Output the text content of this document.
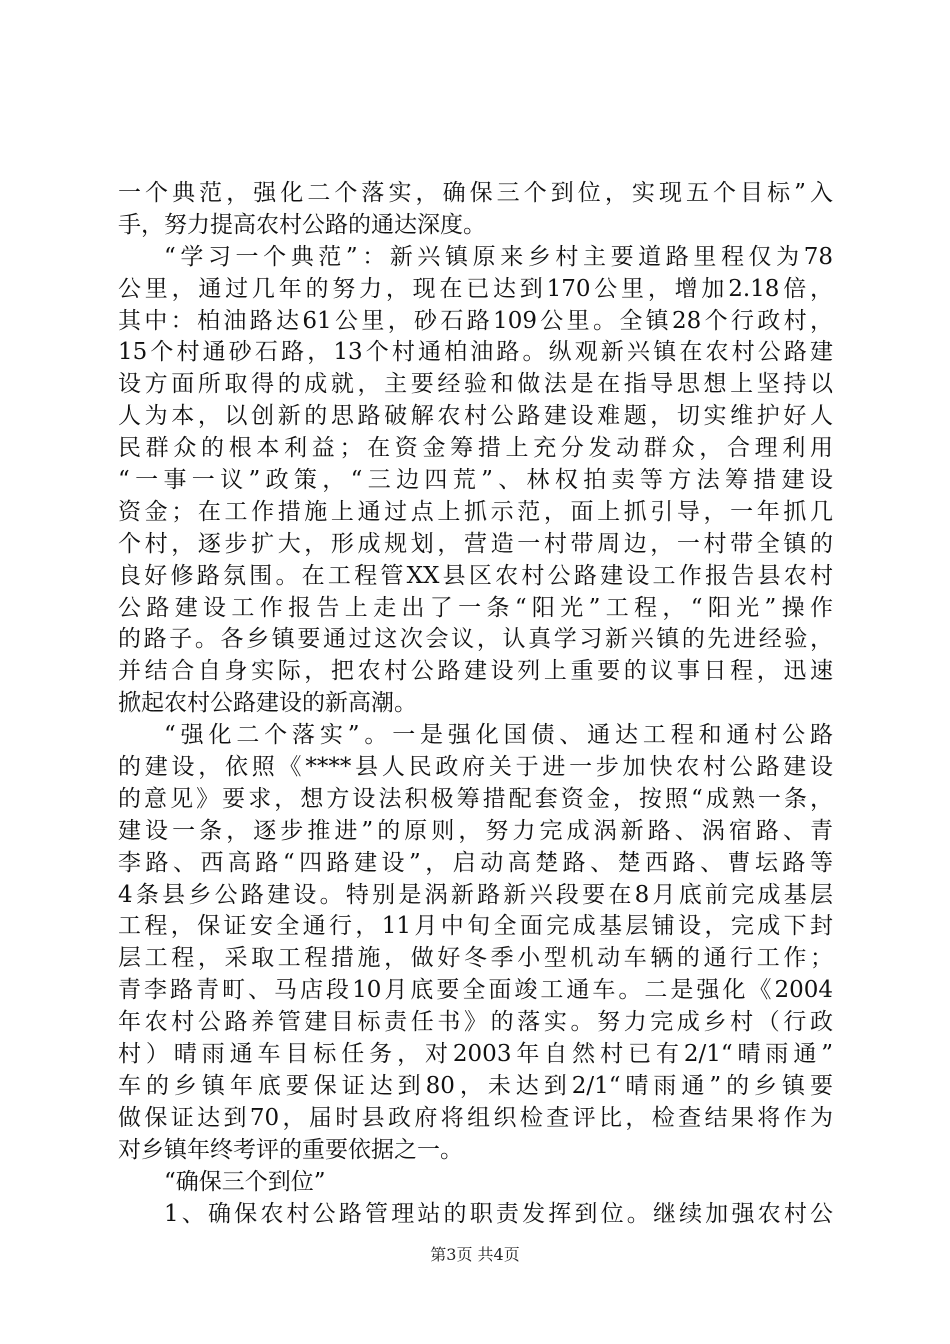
一个典范，强化二个落实，确保三个到位，实现五个目标”入
手，努力提高农村公路的通达深度。
“学习一个典范”：新兴镇原来乡村主要道路里程仅为78
公里，通过几年的努力，现在已达到170公里，增加2.18倍，
其中：柏油路达61公里，砂石路109公里。全镇28个行政村，
15个村通砂石路，13个村通柏油路。纵观新兴镇在农村公路建
设方面所取得的成就，主要经验和做法是在指导思想上坚持以
人为本，以创新的思路破解农村公路建设难题，切实维护好人
民群众的根本利益；在资金筹措上充分发动群众，合理利用
“一事一议”政策，“三边四荒”、林权拍卖等方法筹措建设
资金；在工作措施上通过点上抓示范，面上抓引导，一年抓几
个村，逐步扩大，形成规划，营造一村带周边，一村带全镇的
良好修路氛围。在工程管XX县区农村公路建设工作报告县农村
公路建设工作报告上走出了一条“阳光”工程，“阳光”操作
的路子。各乡镇要通过这次会议，认真学习新兴镇的先进经验，
并结合自身实际，把农村公路建设列上重要的议事日程，迅速
掀起农村公路建设的新高潮。
“强化二个落实”。一是强化国债、通达工程和通村公路
的建设，依照《****县人民政府关于进一步加快农村公路建设
的意见》要求，想方设法积极筹措配套资金，按照“成熟一条，
建设一条，逐步推进”的原则，努力完成涡新路、涡宿路、青
李路、西高路“四路建设”，启动高楚路、楚西路、曹坛路等
4条县乡公路建设。特别是涡新路新兴段要在8月底前完成基层
工程，保证安全通行，11月中旬全面完成基层铺设，完成下封
层工程，采取工程措施，做好冬季小型机动车辆的通行工作；
青李路青町、马店段10月底要全面竣工通车。二是强化《2004
年农村公路养管建目标责任书》的落实。努力完成乡村（行政
村）晴雨通车目标任务，对2003年自然村已有2/1“晴雨通”
车的乡镇年底要保证达到80，未达到2/1“晴雨通”的乡镇要
做保证达到70，届时县政府将组织检查评比，检查结果将作为
对乡镇年终考评的重要依据之一。
“确保三个到位”
1、确保农村公路管理站的职责发挥到位。继续加强农村公
第3页 共4页
